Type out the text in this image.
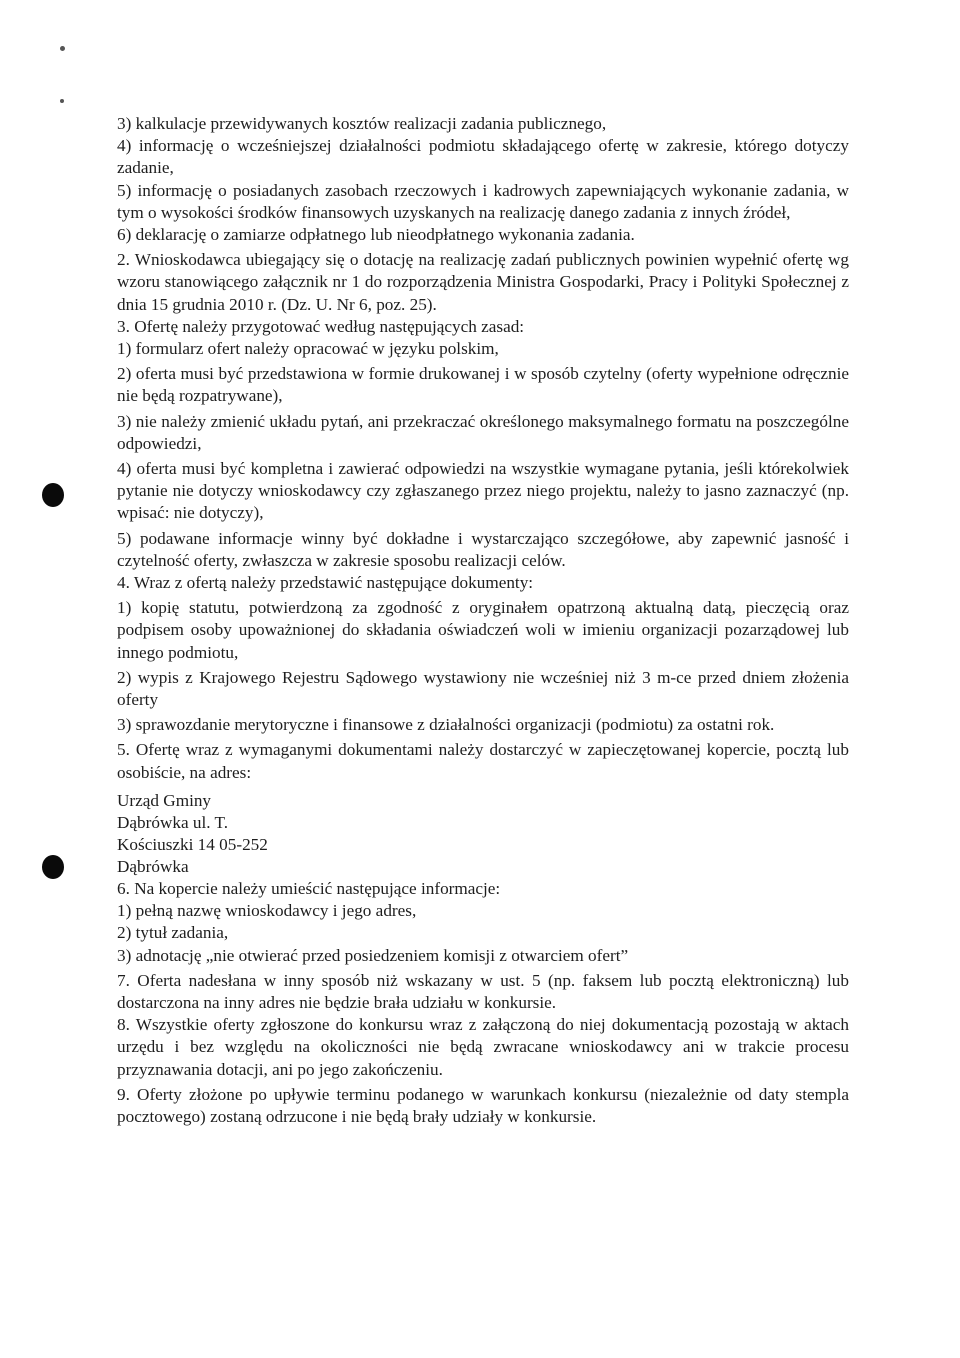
3) kalkulacje przewidywanych kosztów realizacji zadania publicznego,

4) informację o wcześniejszej działalności podmiotu składającego ofertę w zakresie, którego dotyczy zadanie,

5) informację o posiadanych zasobach rzeczowych i kadrowych zapewniających wykonanie zadania, w tym o wysokości środków finansowych uzyskanych na realizację danego zadania z innych źródeł,

6) deklarację o zamiarze odpłatnego lub nieodpłatnego wykonania zadania.

2. Wnioskodawca ubiegający się o dotację na realizację zadań publicznych powinien wypełnić ofertę wg wzoru stanowiącego załącznik nr 1 do rozporządzenia Ministra Gospodarki, Pracy i Polityki Społecznej z dnia 15 grudnia 2010 r. (Dz. U. Nr 6, poz. 25).

3. Ofertę należy przygotować według następujących zasad:

1) formularz ofert należy opracować w języku polskim,

2) oferta musi być przedstawiona w formie drukowanej i w sposób czytelny (oferty wypełnione odręcznie nie będą rozpatrywane),

3) nie należy zmienić układu pytań, ani przekraczać określonego maksymalnego formatu na poszczególne odpowiedzi,

4) oferta musi być kompletna i zawierać odpowiedzi na wszystkie wymagane pytania, jeśli którekolwiek pytanie nie dotyczy wnioskodawcy czy zgłaszanego przez niego projektu, należy to jasno zaznaczyć (np. wpisać: nie dotyczy),

5) podawane informacje winny być dokładne i wystarczająco szczegółowe, aby zapewnić jasność i czytelność oferty, zwłaszcza w zakresie sposobu realizacji celów.

4. Wraz z ofertą należy przedstawić następujące dokumenty:

1) kopię statutu, potwierdzoną za zgodność z oryginałem opatrzoną aktualną datą, pieczęcią oraz podpisem osoby upoważnionej do składania oświadczeń woli w imieniu organizacji pozarządowej lub innego podmiotu,

2) wypis z Krajowego Rejestru Sądowego wystawiony nie wcześniej niż 3 m-ce przed dniem złożenia oferty

3) sprawozdanie merytoryczne i finansowe z działalności organizacji (podmiotu) za ostatni rok.

5. Ofertę wraz z wymaganymi dokumentami należy dostarczyć w zapieczętowanej kopercie, pocztą lub osobiście, na adres:

Urząd Gminy
Dąbrówka ul. T.
Kościuszki 14 05-252
Dąbrówka

6. Na kopercie należy umieścić następujące informacje:

1) pełną nazwę wnioskodawcy i jego adres,

2) tytuł zadania,

3) adnotację „nie otwierać przed posiedzeniem komisji z otwarciem ofert”

7. Oferta nadesłana w inny sposób niż wskazany w ust. 5 (np. faksem lub pocztą elektroniczną) lub dostarczona na inny adres nie będzie brała udziału w konkursie.

8. Wszystkie oferty zgłoszone do konkursu wraz z załączoną do niej dokumentacją pozostają w aktach urzędu i bez względu na okoliczności nie będą zwracane wnioskodawcy ani w trakcie procesu przyznawania dotacji, ani po jego zakończeniu.

9. Oferty złożone po upływie terminu podanego w warunkach konkursu (niezależnie od daty stempla pocztowego) zostaną odrzucone i nie będą brały udziały w konkursie.
